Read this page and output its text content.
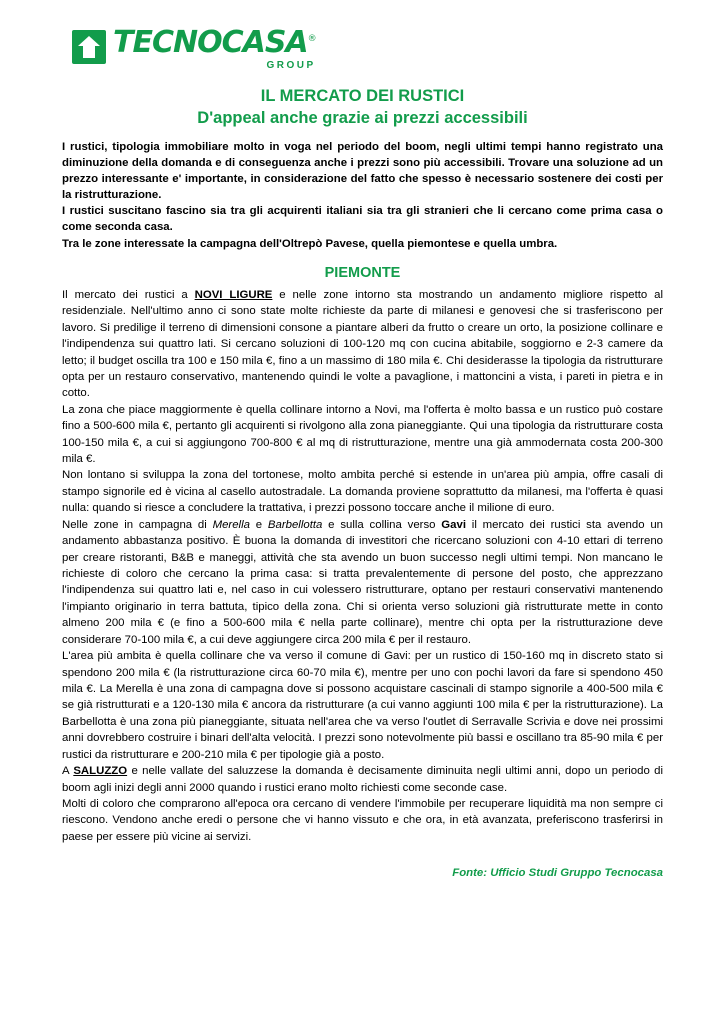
TECNOCASA®
GROUP
IL MERCATO DEI RUSTICI
D'appeal anche grazie ai prezzi accessibili

I rustici, tipologia immobiliare molto in voga nel periodo del boom, negli ultimi tempi hanno registrato una diminuzione della domanda e di conseguenza anche i prezzi sono più accessibili. Trovare una soluzione ad un prezzo interessante e' importante, in considerazione del fatto che spesso è necessario sostenere dei costi per la ristrutturazione.

I rustici suscitano fascino sia tra gli acquirenti italiani sia tra gli stranieri che li cercano come prima casa o come seconda casa.

Tra le zone interessate la campagna dell'Oltrepò Pavese, quella piemontese e quella umbra.

PIEMONTE

Il mercato dei rustici a NOVI LIGURE e nelle zone intorno sta mostrando un andamento migliore rispetto al residenziale. Nell'ultimo anno ci sono state molte richieste da parte di milanesi e genovesi che si trasferiscono per lavoro. Si predilige il terreno di dimensioni consone a piantare alberi da frutto o creare un orto, la posizione collinare e l'indipendenza sui quattro lati. Si cercano soluzioni di 100-120 mq con cucina abitabile, soggiorno e 2-3 camere da letto; il budget oscilla tra 100 e 150 mila €, fino a un massimo di 180 mila €. Chi desiderasse la tipologia da ristrutturare opta per un restauro conservativo, mantenendo quindi le volte a pavaglione, i mattoncini a vista, i pareti in pietra e in cotto.

La zona che piace maggiormente è quella collinare intorno a Novi, ma l'offerta è molto bassa e un rustico può costare fino a 500-600 mila €, pertanto gli acquirenti si rivolgono alla zona pianeggiante. Qui una tipologia da ristrutturare costa 100-150 mila €, a cui si aggiungono 700-800 € al mq di ristrutturazione, mentre una già ammodernata costa 200-300 mila €.

Non lontano si sviluppa la zona del tortonese, molto ambita perché si estende in un'area più ampia, offre casali di stampo signorile ed è vicina al casello autostradale. La domanda proviene soprattutto da milanesi, ma l'offerta è quasi nulla: quando si riesce a concludere la trattativa, i prezzi possono toccare anche il milione di euro.

Nelle zone in campagna di Merella e Barbellotta e sulla collina verso Gavi il mercato dei rustici sta avendo un andamento abbastanza positivo. È buona la domanda di investitori che ricercano soluzioni con 4-10 ettari di terreno per creare ristoranti, B&B e maneggi, attività che sta avendo un buon successo negli ultimi tempi. Non mancano le richieste di coloro che cercano la prima casa: si tratta prevalentemente di persone del posto, che apprezzano l'indipendenza sui quattro lati e, nel caso in cui volessero ristrutturare, optano per restauri conservativi mantenendo l'impianto originario in terra battuta, tipico della zona. Chi si orienta verso soluzioni già ristrutturate mette in conto almeno 200 mila € (e fino a 500-600 mila € nella parte collinare), mentre chi opta per la ristrutturazione deve considerare 70-100 mila €, a cui deve aggiungere circa 200 mila € per il restauro.

L'area più ambita è quella collinare che va verso il comune di Gavi: per un rustico di 150-160 mq in discreto stato si spendono 200 mila € (la ristrutturazione circa 60-70 mila €), mentre per uno con pochi lavori da fare si spendono 450 mila €. La Merella è una zona di campagna dove si possono acquistare cascinali di stampo signorile a 400-500 mila € se già ristrutturati e a 120-130 mila € ancora da ristrutturare (a cui vanno aggiunti 100 mila € per la ristrutturazione). La Barbellotta è una zona più pianeggiante, situata nell'area che va verso l'outlet di Serravalle Scrivia e dove nei prossimi anni dovrebbero costruire i binari dell'alta velocità. I prezzi sono notevolmente più bassi e oscillano tra 85-90 mila € per rustici da ristrutturare e 200-210 mila € per tipologie già a posto.

A SALUZZO e nelle vallate del saluzzese la domanda è decisamente diminuita negli ultimi anni, dopo un periodo di boom agli inizi degli anni 2000 quando i rustici erano molto richiesti come seconde case.

Molti di coloro che comprarono all'epoca ora cercano di vendere l'immobile per recuperare liquidità ma non sempre ci riescono. Vendono anche eredi o persone che vi hanno vissuto e che ora, in età avanzata, preferiscono trasferirsi in paese per essere più vicine ai servizi.

Fonte: Ufficio Studi Gruppo Tecnocasa
